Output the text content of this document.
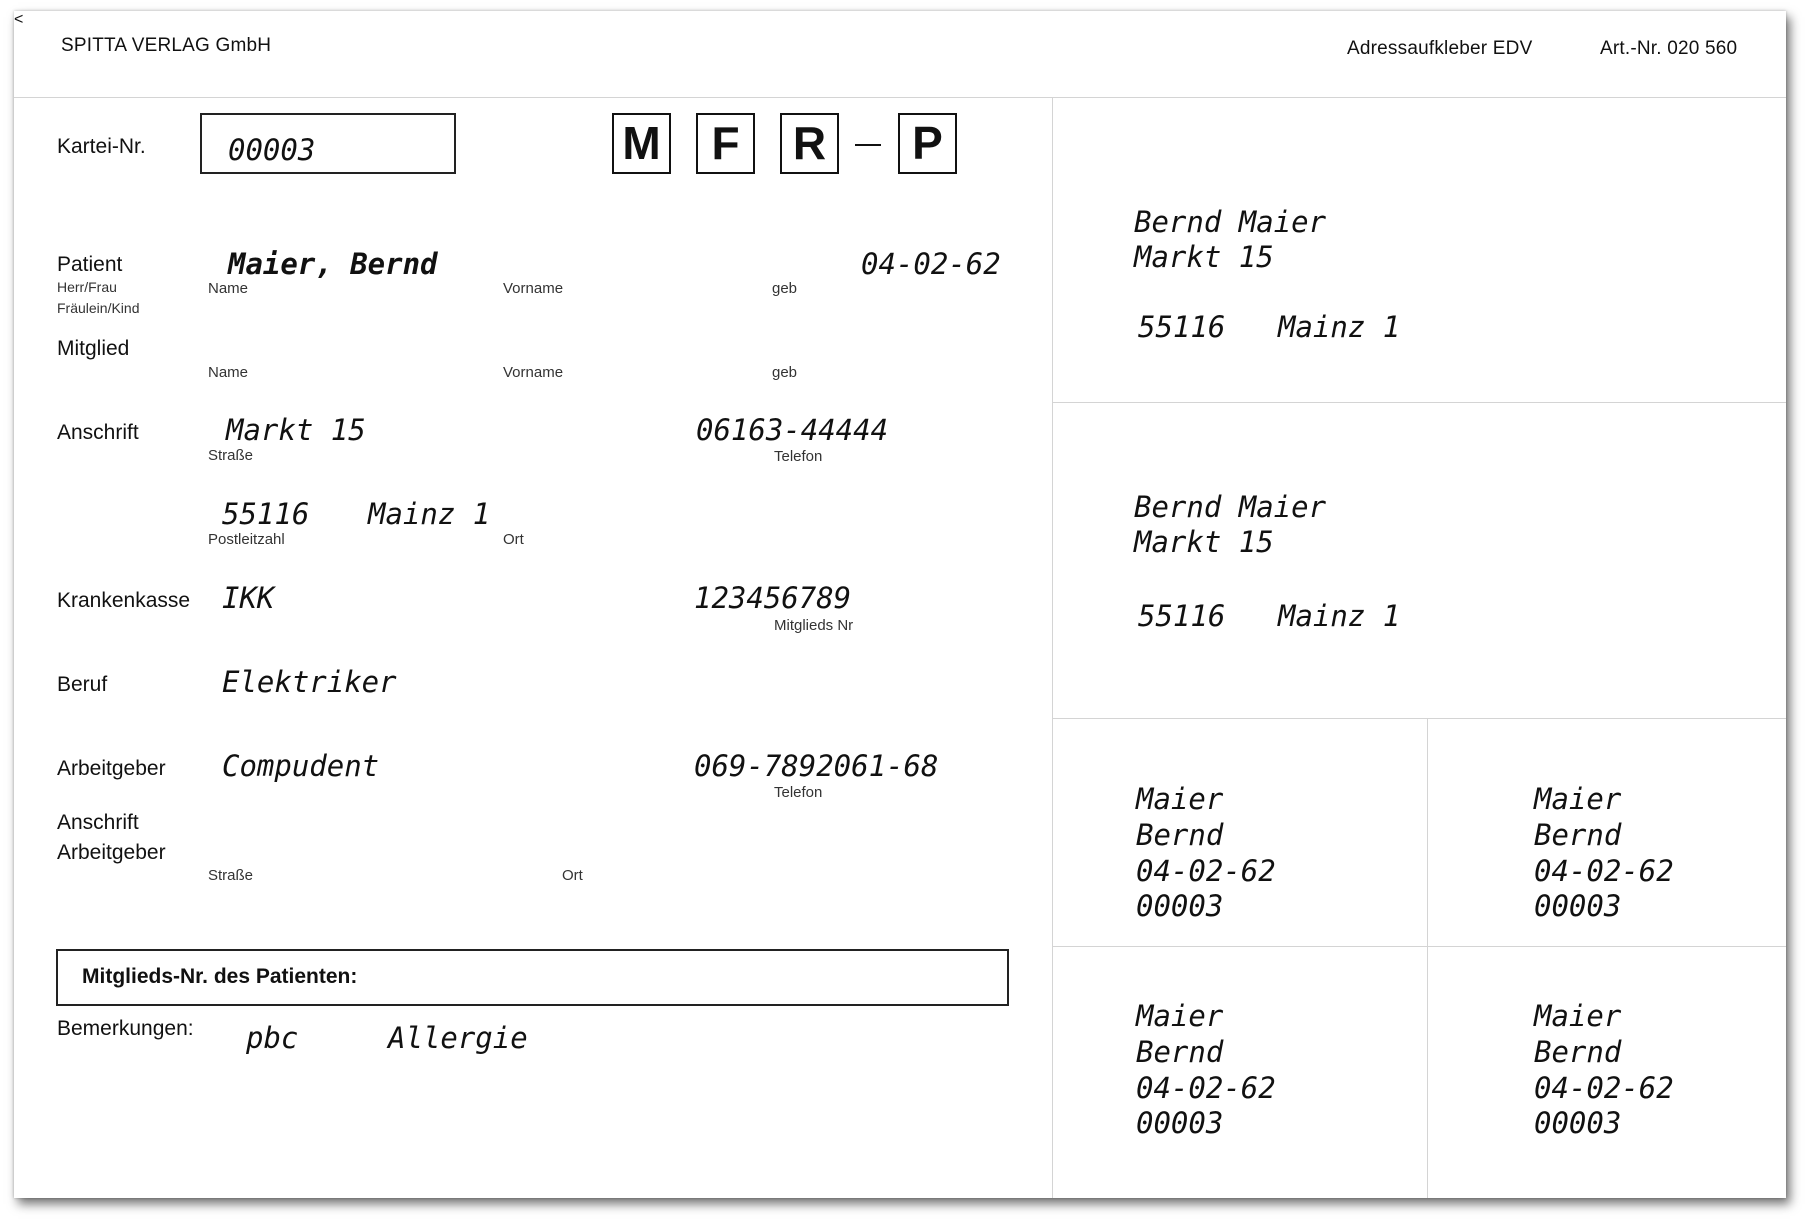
SPITTA VERLAG GmbH	Adressaufkleber EDV	Art.-Nr. 020 560
Kartei-Nr.	00003	M	F	R	P
Patient
Herr/Frau
Fräulein/Kind
Maier, Bernd	04-02-62
Name	Vorname	geb
Mitglied
Name	Vorname	geb
Anschrift	Markt 15	06163-44444
Straße	Telefon
55116 Mainz 1
Postleitzahl	Ort
Krankenkasse IKK	123456789
Mitglieds Nr
Beruf	Elektriker
Arbeitgeber Compudent	069-7892061-68
Telefon
Anschrift
Arbeitgeber
Straße	Ort
Mitglieds-Nr. des Patienten:
Bemerkungen: pbc	Allergie
Bernd Maier
Markt 15
55116 Mainz 1
Bernd Maier
Markt 15
55116 Mainz 1
<
Maier
Bernd
04-02-62
00003
Maier
Bernd
04-02-62
00003
Maier
Bernd
04-02-62
00003
Maier
Bernd
04-02-62
00003
